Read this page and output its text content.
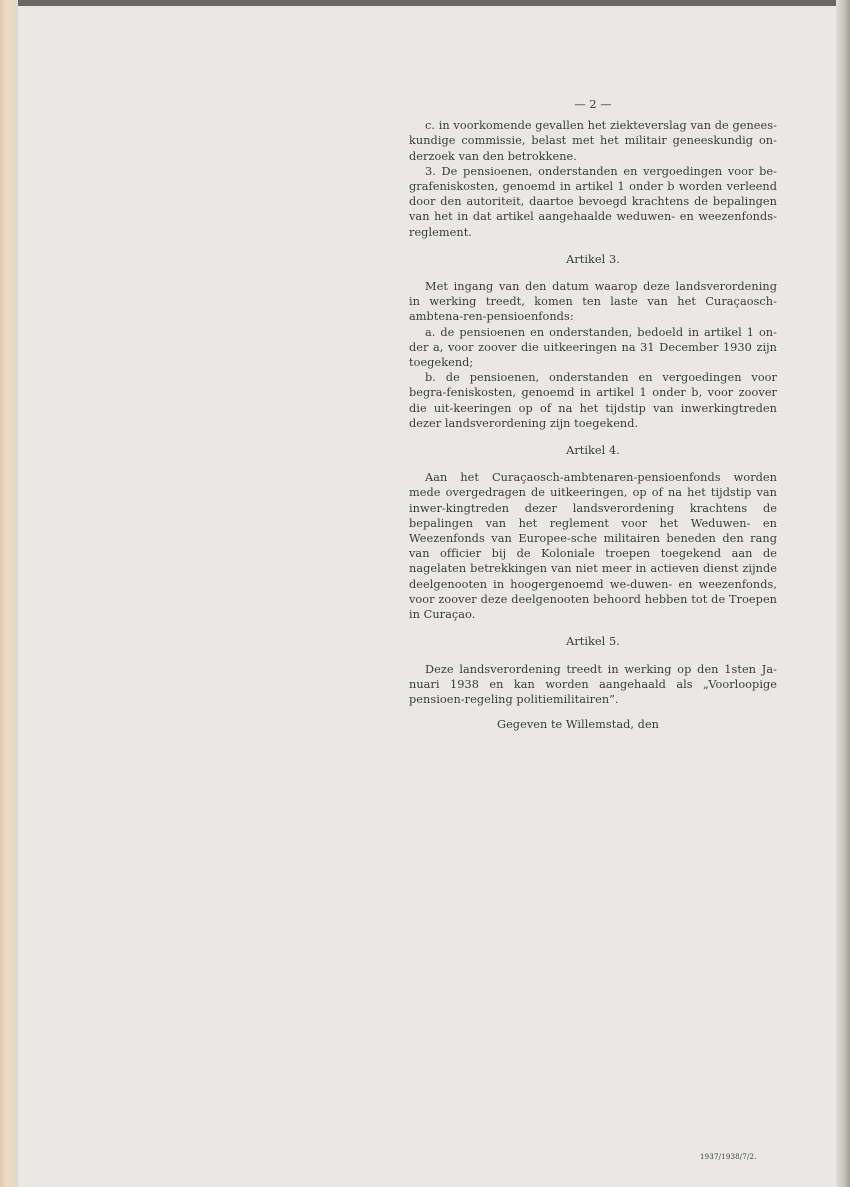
— 2 —

c. in voorkomende gevallen het ziekteverslag van de genees-kundige commissie, belast met het militair geneeskundig on-derzoek van den betrokkene.

3. De pensioenen, onderstanden en vergoedingen voor be-grafeniskosten, genoemd in artikel 1 onder b worden verleend door den autoriteit, daartoe bevoegd krachtens de bepalingen van het in dat artikel aangehaalde weduwen- en weezenfonds-reglement.

Artikel 3.

Met ingang van den datum waarop deze landsverordening in werking treedt, komen ten laste van het Curaçaosch-ambtena-ren-pensioenfonds:

a. de pensioenen en onderstanden, bedoeld in artikel 1 on-der a, voor zoover die uitkeeringen na 31 December 1930 zijn toegekend;

b. de pensioenen, onderstanden en vergoedingen voor begra-feniskosten, genoemd in artikel 1 onder b, voor zoover die uit-keeringen op of na het tijdstip van inwerkingtreden dezer landsverordening zijn toegekend.

Artikel 4.

Aan het Curaçaosch-ambtenaren-pensioenfonds worden mede overgedragen de uitkeeringen, op of na het tijdstip van inwer-kingtreden dezer landsverordening krachtens de bepalingen van het reglement voor het Weduwen- en Weezenfonds van Europee-sche militairen beneden den rang van officier bij de Koloniale troepen toegekend aan de nagelaten betrekkingen van niet meer in actieven dienst zijnde deelgenooten in hoogergenoemd we-duwen- en weezenfonds, voor zoover deze deelgenooten behoord hebben tot de Troepen in Curaçao.

Artikel 5.

Deze landsverordening treedt in werking op den 1sten Ja-nuari 1938 en kan worden aangehaald als „Voorloopige pensioen-regeling politiemilitairen”.

Gegeven te Willemstad, den
1937/1938/7/2.
